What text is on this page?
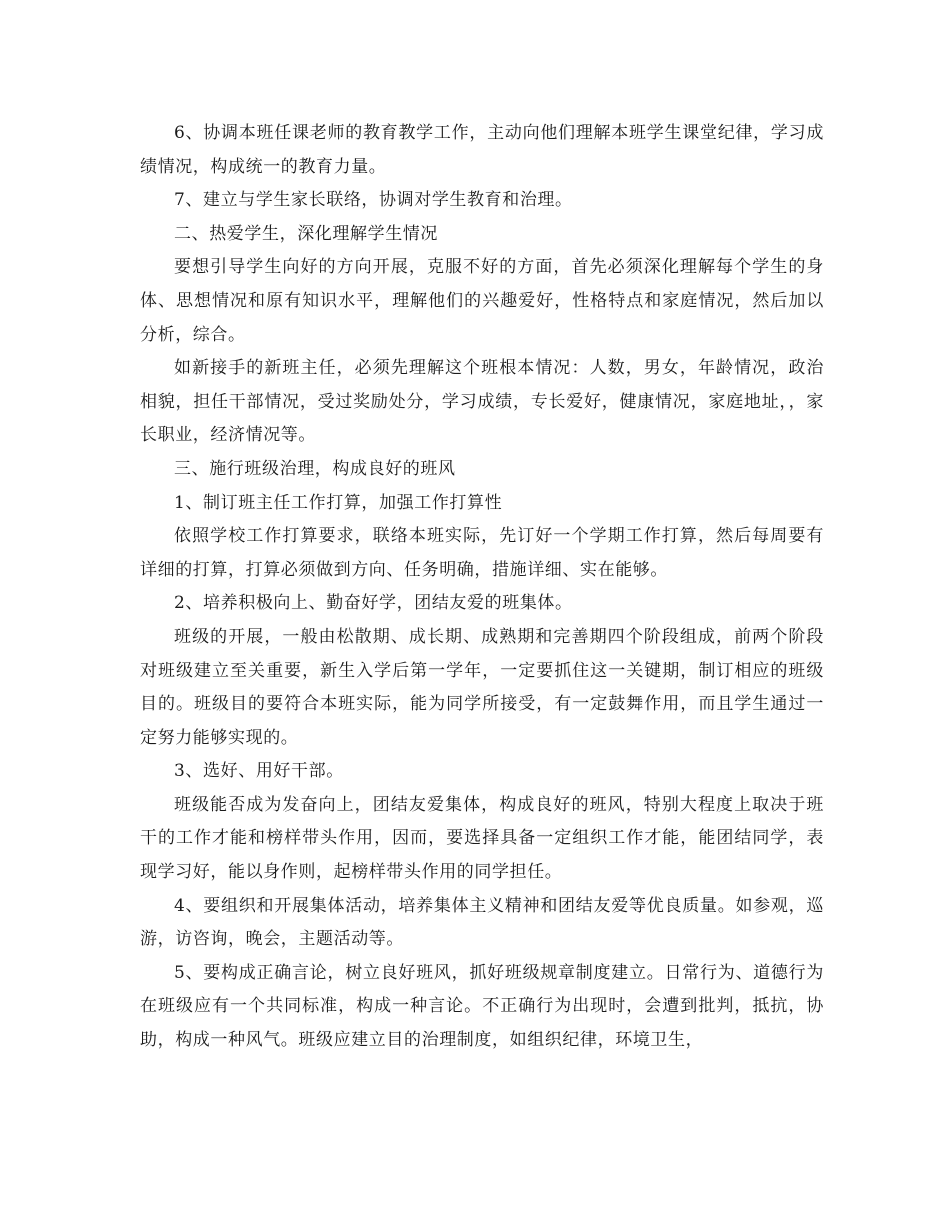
6、协调本班任课老师的教育教学工作，主动向他们理解本班学生课堂纪律，学习成绩情况，构成统一的教育力量。

7、建立与学生家长联络，协调对学生教育和治理。

二、热爱学生，深化理解学生情况

要想引导学生向好的方向开展，克服不好的方面，首先必须深化理解每个学生的身体、思想情况和原有知识水平，理解他们的兴趣爱好，性格特点和家庭情况，然后加以分析，综合。

如新接手的新班主任，必须先理解这个班根本情况：人数，男女，年龄情况，政治相貌，担任干部情况，受过奖励处分，学习成绩，专长爱好，健康情况，家庭地址，，家长职业，经济情况等。

三、施行班级治理，构成良好的班风

1、制订班主任工作打算，加强工作打算性

依照学校工作打算要求，联络本班实际，先订好一个学期工作打算，然后每周要有详细的打算，打算必须做到方向、任务明确，措施详细、实在能够。

2、培养积极向上、勤奋好学，团结友爱的班集体。

班级的开展，一般由松散期、成长期、成熟期和完善期四个阶段组成，前两个阶段对班级建立至关重要，新生入学后第一学年，一定要抓住这一关键期，制订相应的班级目的。班级目的要符合本班实际，能为同学所接受，有一定鼓舞作用，而且学生通过一定努力能够实现的。

3、选好、用好干部。

班级能否成为发奋向上，团结友爱集体，构成良好的班风，特别大程度上取决于班干的工作才能和榜样带头作用，因而，要选择具备一定组织工作才能，能团结同学，表现学习好，能以身作则，起榜样带头作用的同学担任。

4、要组织和开展集体活动，培养集体主义精神和团结友爱等优良质量。如参观，巡游，访咨询，晚会，主题活动等。

5、要构成正确言论，树立良好班风，抓好班级规章制度建立。日常行为、道德行为在班级应有一个共同标准，构成一种言论。不正确行为出现时，会遭到批判，抵抗，协助，构成一种风气。班级应建立目的治理制度，如组织纪律，环境卫生，
